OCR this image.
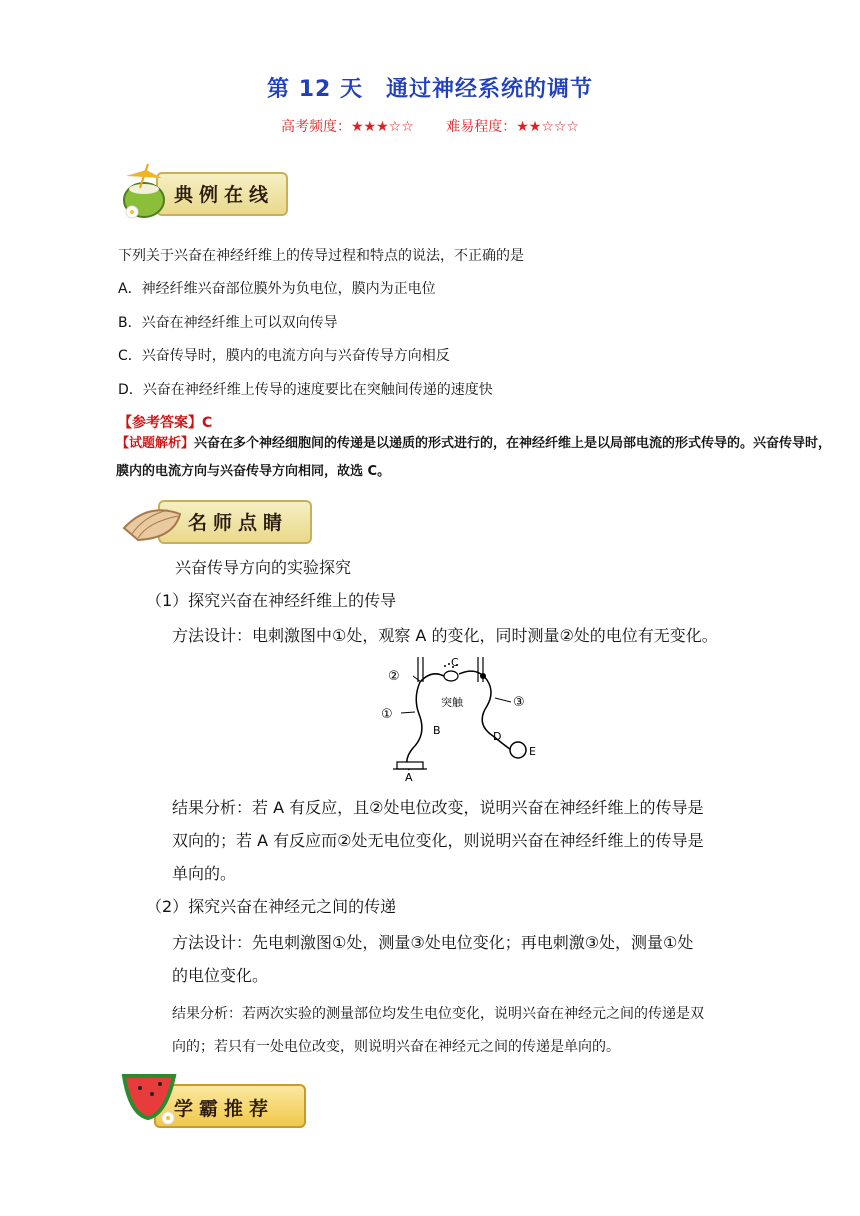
第 12 天　通过神经系统的调节
高考频度：★★★☆☆ 难易程度：★★☆☆☆
典例在线
下列关于兴奋在神经纤维上的传导过程和特点的说法，不正确的是
A．神经纤维兴奋部位膜外为负电位，膜内为正电位
B．兴奋在神经纤维上可以双向传导
C．兴奋传导时，膜内的电流方向与兴奋传导方向相反
D．兴奋在神经纤维上传导的速度要比在突触间传递的速度快
【参考答案】C
【试题解析】兴奋在多个神经细胞间的传递是以递质的形式进行的，在神经纤维上是以局部电流的形式传导的。兴奋传导时，膜内的电流方向与兴奋传导方向相同，故选 C。
名师点睛
兴奋传导方向的实验探究
（1）探究兴奋在神经纤维上的传导
方法设计：电刺激图中①处，观察 A 的变化，同时测量②处的电位有无变化。
②
①
③
C
突触
B	D
E
A
结果分析：若 A 有反应，且②处电位改变，说明兴奋在神经纤维上的传导是
双向的；若 A 有反应而②处无电位变化，则说明兴奋在神经纤维上的传导是
单向的。
（2）探究兴奋在神经元之间的传递
方法设计：先电刺激图①处，测量③处电位变化；再电刺激③处，测量①处
的电位变化。
结果分析：若两次实验的测量部位均发生电位变化，说明兴奋在神经元之间的传递是双
向的；若只有一处电位改变，则说明兴奋在神经元之间的传递是单向的。
学霸推荐
